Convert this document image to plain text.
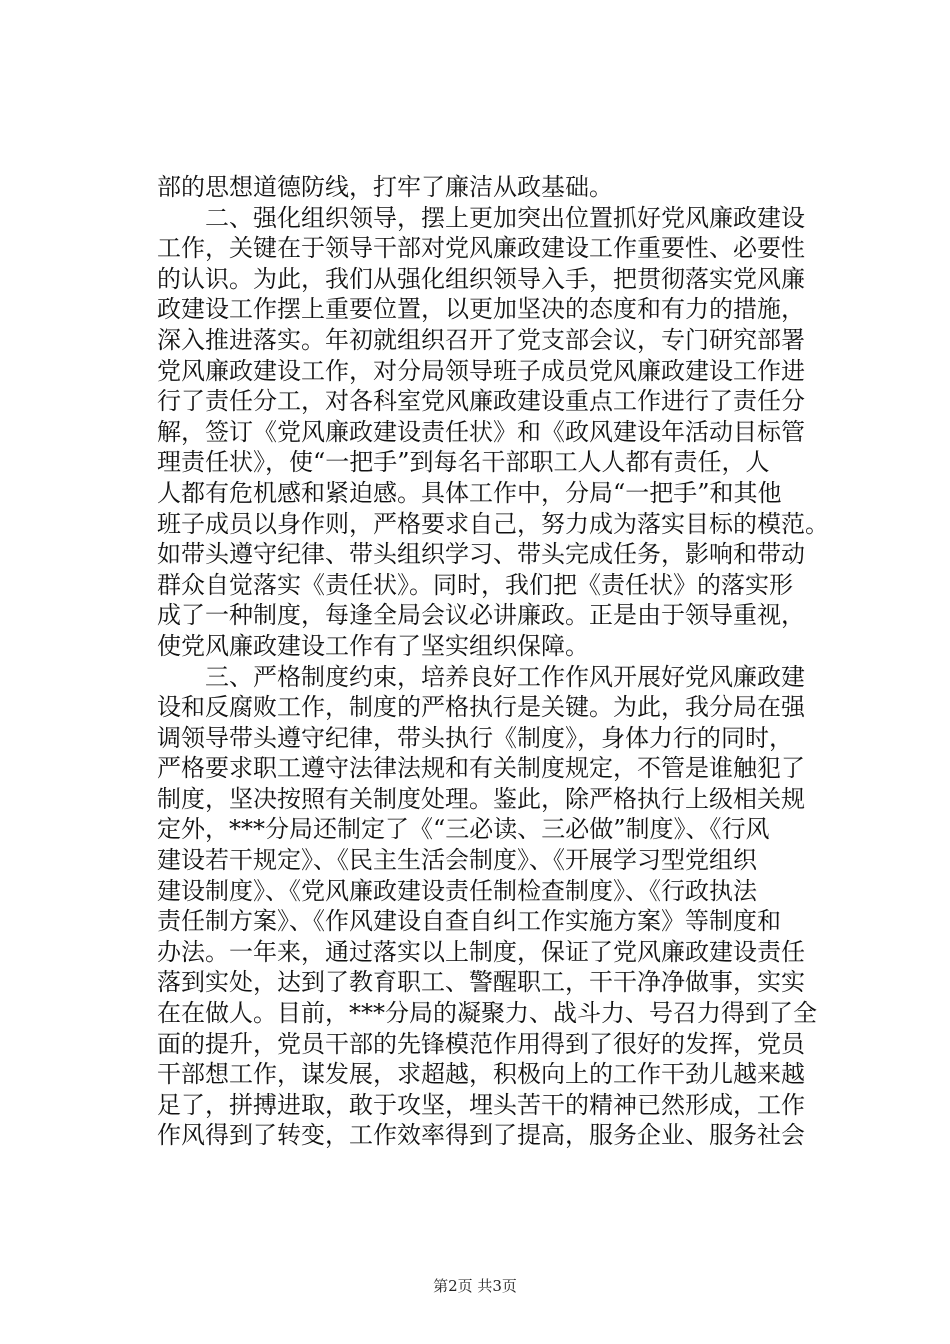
部的思想道德防线，打牢了廉洁从政基础。
二、强化组织领导，摆上更加突出位置抓好党风廉政建设
工作，关键在于领导干部对党风廉政建设工作重要性、必要性
的认识。为此，我们从强化组织领导入手，把贯彻落实党风廉
政建设工作摆上重要位置，以更加坚决的态度和有力的措施，
深入推进落实。年初就组织召开了党支部会议，专门研究部署
党风廉政建设工作，对分局领导班子成员党风廉政建设工作进
行了责任分工，对各科室党风廉政建设重点工作进行了责任分
解，签订《党风廉政建设责任状》和《政风建设年活动目标管
理责任状》，使“一把手”到每名干部职工人人都有责任，人
人都有危机感和紧迫感。具体工作中，分局“一把手”和其他
班子成员以身作则，严格要求自己，努力成为落实目标的模范。
如带头遵守纪律、带头组织学习、带头完成任务，影响和带动
群众自觉落实《责任状》。同时，我们把《责任状》的落实形
成了一种制度，每逢全局会议必讲廉政。正是由于领导重视，
使党风廉政建设工作有了坚实组织保障。
三、严格制度约束，培养良好工作作风开展好党风廉政建
设和反腐败工作，制度的严格执行是关键。为此，我分局在强
调领导带头遵守纪律，带头执行《制度》，身体力行的同时，
严格要求职工遵守法律法规和有关制度规定，不管是谁触犯了
制度，坚决按照有关制度处理。鉴此，除严格执行上级相关规
定外，***分局还制定了《“三必读、三必做”制度》、《行风
建设若干规定》、《民主生活会制度》、《开展学习型党组织
建设制度》、《党风廉政建设责任制检查制度》、《行政执法
责任制方案》、《作风建设自查自纠工作实施方案》等制度和
办法。一年来，通过落实以上制度，保证了党风廉政建设责任
落到实处，达到了教育职工、警醒职工，干干净净做事，实实
在在做人。目前，***分局的凝聚力、战斗力、号召力得到了全
面的提升，党员干部的先锋模范作用得到了很好的发挥，党员
干部想工作，谋发展，求超越，积极向上的工作干劲儿越来越
足了，拼搏进取，敢于攻坚，埋头苦干的精神已然形成，工作
作风得到了转变，工作效率得到了提高，服务企业、服务社会
第2页 共3页
